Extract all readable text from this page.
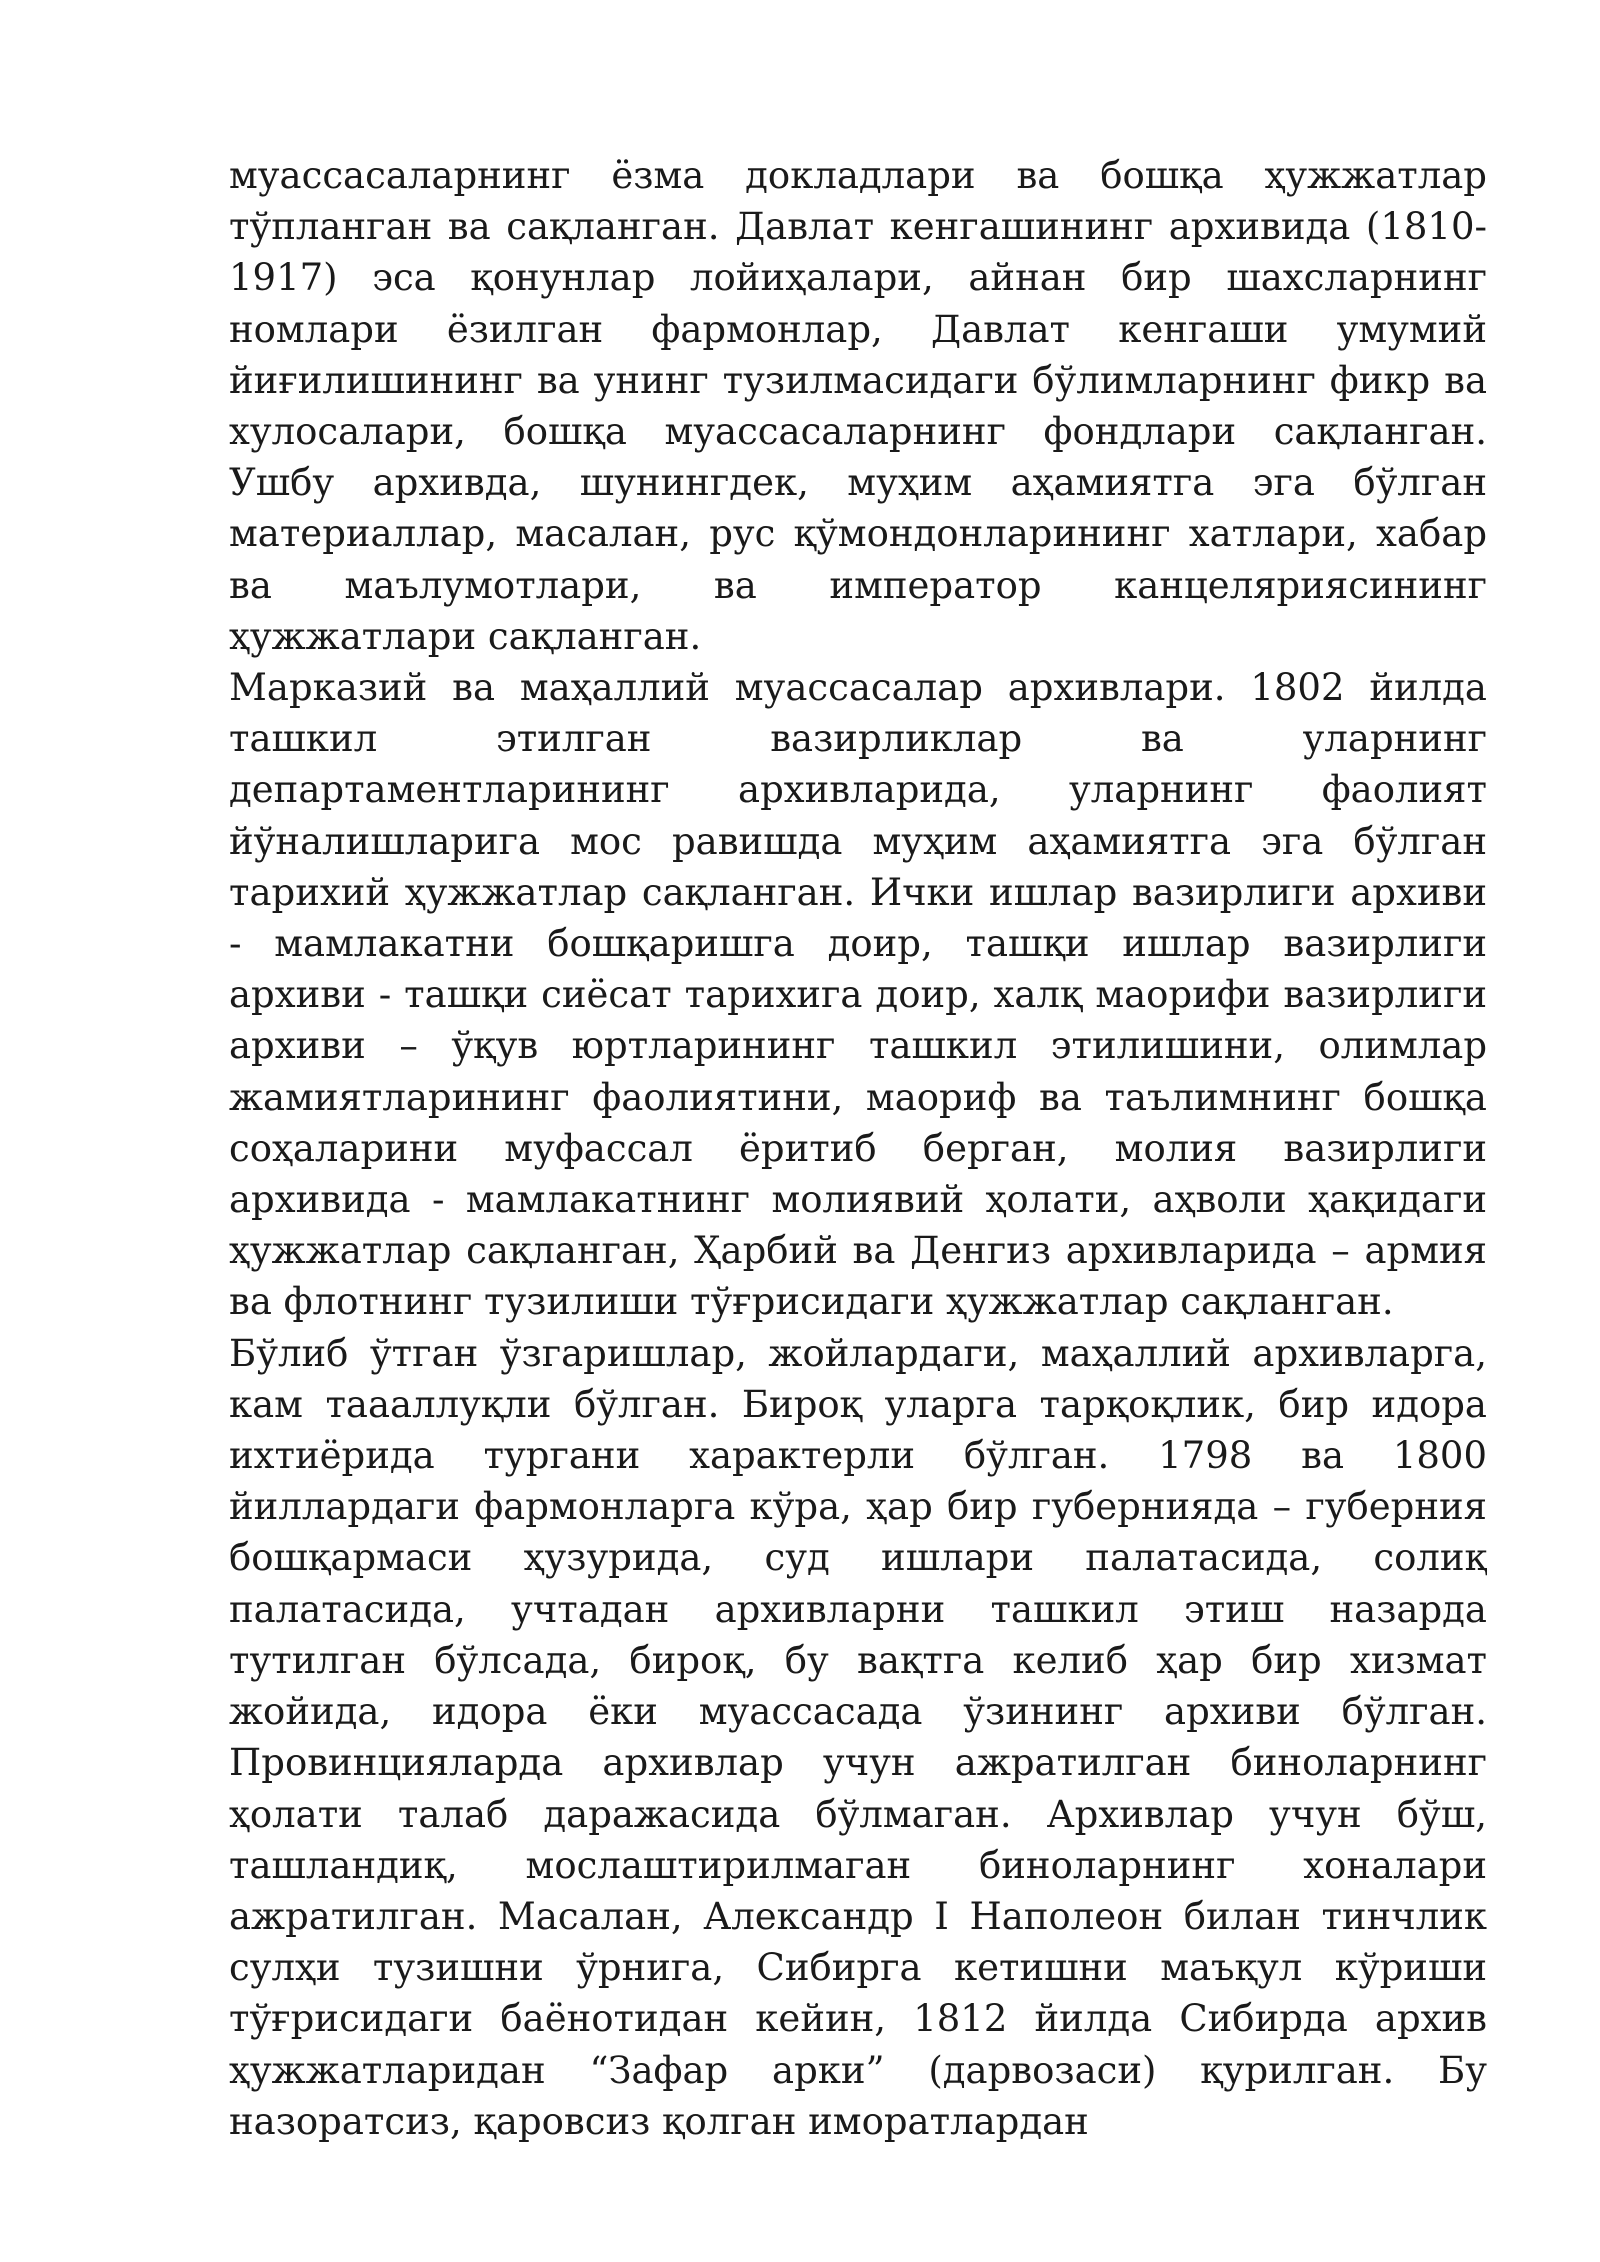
муассасаларнинг ёзма докладлари ва бошқа ҳужжатлар тўпланган ва сақланган. Давлат кенгашининг архивида (1810-1917) эса қонунлар лойиҳалари, айнан бир шахсларнинг номлари ёзилган фармонлар, Давлат кенгаши умумий йиғилишининг ва унинг тузилмасидаги бўлимларнинг фикр ва хулосалари, бошқа муассасаларнинг фондлари сақланган. Ушбу архивда, шунингдек, муҳим аҳамиятга эга бўлган материаллар, масалан, рус қўмондонларининг хатлари, хабар ва маълумотлари, ва император канцеляриясининг ҳужжатлари сақланган.

Марказий ва маҳаллий муассасалар архивлари. 1802 йилда ташкил этилган вазирликлар ва уларнинг департаментларининг архивларида, уларнинг фаолият йўналишларига мос равишда муҳим аҳамиятга эга бўлган тарихий ҳужжатлар сақланган. Ички ишлар вазирлиги архиви - мамлакатни бошқаришга доир, ташқи ишлар вазирлиги архиви - ташқи сиёсат тарихига доир, халқ маорифи вазирлиги архиви – ўқув юртларининг ташкил этилишини, олимлар жамиятларининг фаолиятини, маориф ва таълимнинг бошқа соҳаларини муфассал ёритиб берган, молия вазирлиги архивида - мамлакатнинг молиявий ҳолати, аҳволи ҳақидаги ҳужжатлар сақланган, Ҳарбий ва Денгиз архивларида – армия ва флотнинг тузилиши тўғрисидаги ҳужжатлар сақланган.

Бўлиб ўтган ўзгаришлар, жойлардаги, маҳаллий архивларга, кам таааллуқли бўлган. Бироқ уларга тарқоқлик, бир идора ихтиёрида тургани характерли бўлган. 1798 ва 1800 йиллардаги фармонларга кўра, ҳар бир губернияда – губерния бошқармаси ҳузурида, суд ишлари палатасида, солиқ палатасида, учтадан архивларни ташкил этиш назарда тутилган бўлсада, бироқ, бу вақтга келиб ҳар бир хизмат жойида, идора ёки муассасада ўзининг архиви бўлган. Провинцияларда архивлар учун ажратилган биноларнинг ҳолати талаб даражасида бўлмаган. Архивлар учун бўш, ташландиқ, мослаштирилмаган биноларнинг хоналари ажратилган. Масалан, Александр I Наполеон билан тинчлик сулҳи тузишни ўрнига, Сибирга кетишни маъқул кўриши тўғрисидаги баёнотидан кейин, 1812 йилда Сибирда архив ҳужжатларидан “Зафар арки” (дарвозаси) қурилган. Бу назоратсиз, қаровсиз қолган иморатлардан
